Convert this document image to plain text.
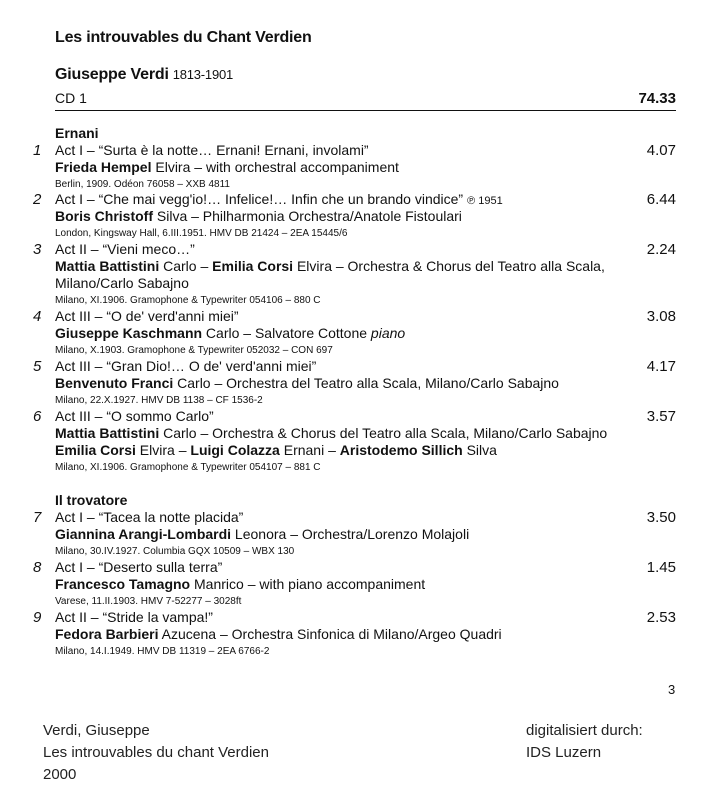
Les introuvables du Chant Verdien
Giuseppe Verdi 1813-1901
CD 1	74.33
Ernani
Il trovatore
1 Act I – “Surta è la notte… Ernani! Ernani, involami”	4.07
Frieda Hempel Elvira – with orchestral accompaniment
Berlin, 1909. Odéon 76058 – XXB 4811
2 Act I – “Che mai vegg'io!… Infelice!… Infin che un brando vindice” ℗ 1951	6.44
Boris Christoff Silva – Philharmonia Orchestra/Anatole Fistoulari
London, Kingsway Hall, 6.III.1951. HMV DB 21424 – 2EA 15445/6
3 Act II – “Vieni meco…”	2.24
Mattia Battistini Carlo – Emilia Corsi Elvira – Orchestra & Chorus del Teatro alla Scala,
Milano/Carlo Sabajno
Milano, XI.1906. Gramophone & Typewriter 054106 – 880 C
4 Act III – “O de' verd'anni miei”	3.08
Giuseppe Kaschmann Carlo – Salvatore Cottone piano
Milano, X.1903. Gramophone & Typewriter 052032 – CON 697
5 Act III – “Gran Dio!… O de' verd'anni miei”	4.17
Benvenuto Franci Carlo – Orchestra del Teatro alla Scala, Milano/Carlo Sabajno
Milano, 22.X.1927. HMV DB 1138 – CF 1536-2
6 Act III – “O sommo Carlo”	3.57
Mattia Battistini Carlo – Orchestra & Chorus del Teatro alla Scala, Milano/Carlo Sabajno
Emilia Corsi Elvira – Luigi Colazza Ernani – Aristodemo Sillich Silva
Milano, XI.1906. Gramophone & Typewriter 054107 – 881 C
7 Act I – “Tacea la notte placida”	3.50
Giannina Arangi-Lombardi Leonora – Orchestra/Lorenzo Molajoli
Milano, 30.IV.1927. Columbia GQX 10509 – WBX 130
8 Act I – “Deserto sulla terra”	1.45
Francesco Tamagno Manrico – with piano accompaniment
Varese, 11.II.1903. HMV 7-52277 – 3028ft
9 Act II – “Stride la vampa!”	2.53
Fedora Barbieri Azucena – Orchestra Sinfonica di Milano/Argeo Quadri
Milano, 14.I.1949. HMV DB 11319 – 2EA 6766-2
3
Verdi, Giuseppe
Les introuvables du chant Verdien
2000
digitalisiert durch:
IDS Luzern
